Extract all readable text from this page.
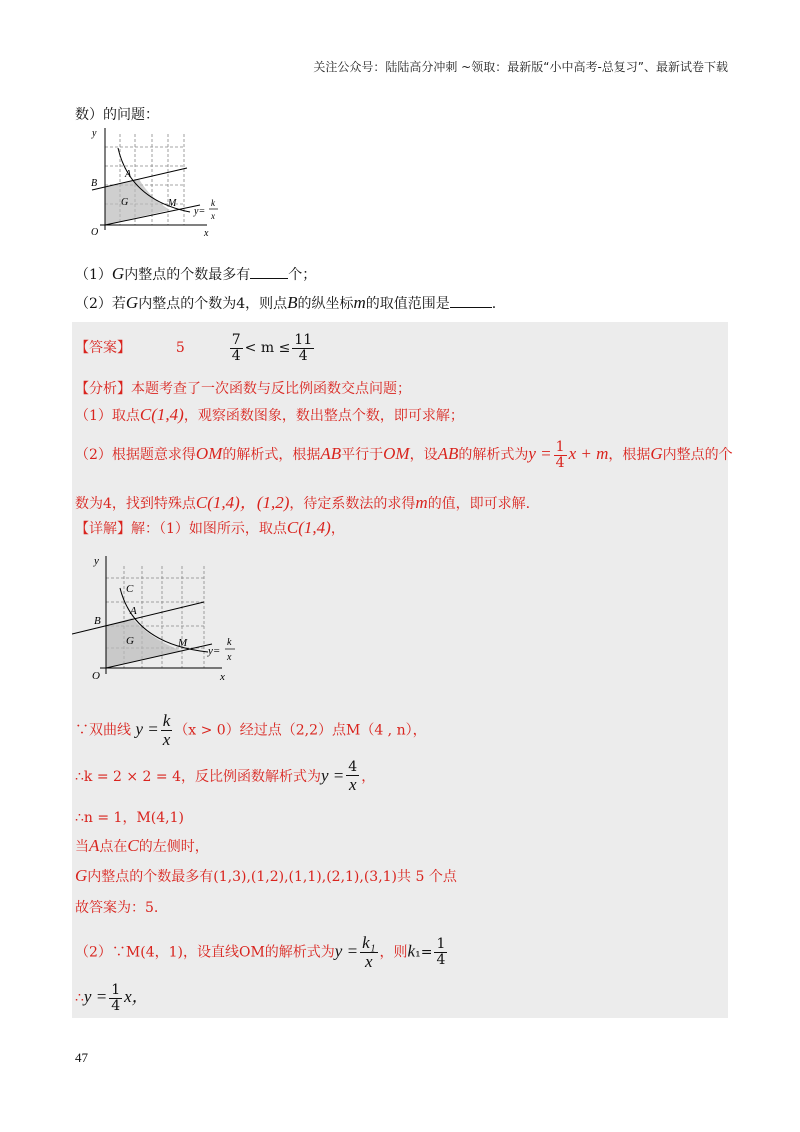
关注公众号：陆陆高分冲刺 ~领取：最新版“小中高考-总复习”、最新试卷下载
数）的问题：
y
x
O
B
A
G	M
y=
k
x
（1）G内整点的个数最多有	个；
（2）若G内整点的个数为4，则点B的纵坐标m的取值范围是	.
【答案】	5	$\frac{7}{4} < m \le \frac{11}{4}$
【分析】本题考查了一次函数与反比例函数交点问题；
（1）取点C(1,4)，观察函数图象，数出整点个数，即可求解；
（2）根据题意求得OM的解析式，根据AB平行于OM，设AB的解析式为$y = \frac{1}{4}$ x + m，根据G内整点的个
数为4，找到特殊点C(1,4)，(1,2)，待定系数法的求得m的值，即可求解.
【详解】解：（1）如图所示，取点C(1,4)，
y
x
O
B
A
C
G	M
y=
k
x
∵双曲线 $y = \frac{k}{x} (x > 0)$经过点（2,2）点M（4 , n），
∴k = 2 × 2 = 4，反比例函数解析式为$y = \frac{4}{x}$ ，
∴n = 1，M(4,1)
当A点在C的左侧时，
G内整点的个数最多有(1,3),(1,2),(1,1),(2,1),(3,1)共 5 个点
故答案为：5.
（2）∵M(4，1)，设直线OM的解析式为$y = \frac{\text{k₁}}{x}$ ，则$k_1= \frac{1}{4}$
∴y = $\frac{1}{4}$ x，
47
